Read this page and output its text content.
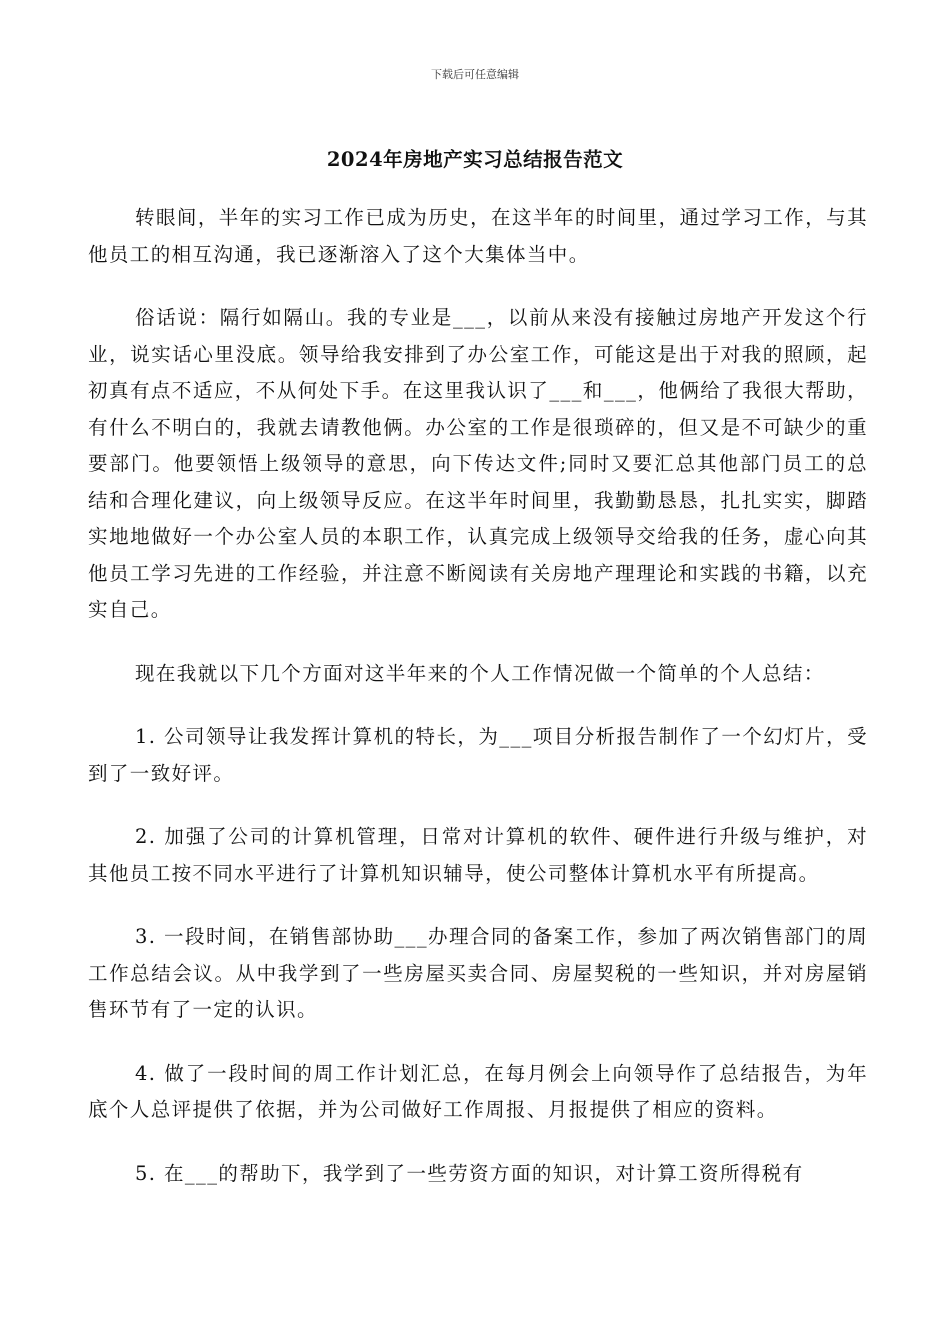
下载后可任意编辑
2024年房地产实习总结报告范文

转眼间，半年的实习工作已成为历史，在这半年的时间里，通过学习工作，与其他员工的相互沟通，我已逐渐溶入了这个大集体当中。

俗话说：隔行如隔山。我的专业是___，以前从来没有接触过房地产开发这个行业，说实话心里没底。领导给我安排到了办公室工作，可能这是出于对我的照顾，起初真有点不适应，不从何处下手。在这里我认识了___和___，他俩给了我很大帮助，有什么不明白的，我就去请教他俩。办公室的工作是很琐碎的，但又是不可缺少的重要部门。他要领悟上级领导的意思，向下传达文件;同时又要汇总其他部门员工的总结和合理化建议，向上级领导反应。在这半年时间里，我勤勤恳恳，扎扎实实，脚踏实地地做好一个办公室人员的本职工作，认真完成上级领导交给我的任务，虚心向其他员工学习先进的工作经验，并注意不断阅读有关房地产理理论和实践的书籍，以充实自己。

现在我就以下几个方面对这半年来的个人工作情况做一个简单的个人总结：

1. 公司领导让我发挥计算机的特长，为___项目分析报告制作了一个幻灯片，受到了一致好评。

2. 加强了公司的计算机管理，日常对计算机的软件、硬件进行升级与维护，对其他员工按不同水平进行了计算机知识辅导，使公司整体计算机水平有所提高。

3. 一段时间，在销售部协助___办理合同的备案工作，参加了两次销售部门的周工作总结会议。从中我学到了一些房屋买卖合同、房屋契税的一些知识，并对房屋销售环节有了一定的认识。

4. 做了一段时间的周工作计划汇总，在每月例会上向领导作了总结报告，为年底个人总评提供了依据，并为公司做好工作周报、月报提供了相应的资料。

5. 在___的帮助下，我学到了一些劳资方面的知识，对计算工资所得税有
